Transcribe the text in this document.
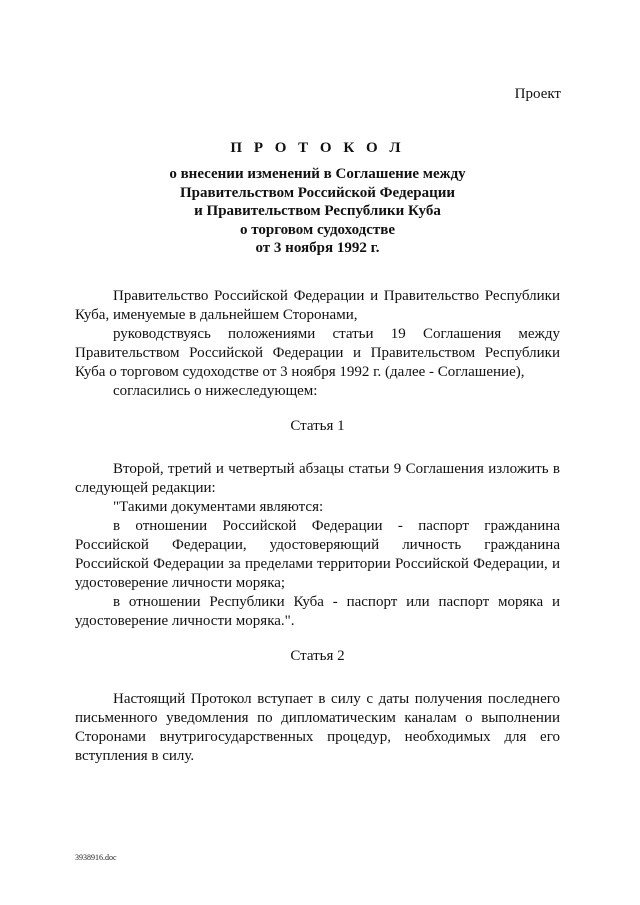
Проект

П Р О Т О К О Л

о внесении изменений в Соглашение между

Правительством Российской Федерации

и Правительством Республики Куба

о торговом судоходстве

от 3 ноября 1992 г.

Правительство Российской Федерации и Правительство Республики Куба, именуемые в дальнейшем Сторонами,

руководствуясь положениями статьи 19 Соглашения между Правительством Российской Федерации и Правительством Республики Куба о торговом судоходстве от 3 ноября 1992 г. (далее - Соглашение),

согласились о нижеследующем:

Статья 1

Второй, третий и четвертый абзацы статьи 9 Соглашения изложить в следующей редакции:

"Такими документами являются:

в отношении Российской Федерации - паспорт гражданина Российской Федерации, удостоверяющий личность гражданина Российской Федерации за пределами территории Российской Федерации, и удостоверение личности моряка;

в отношении Республики Куба - паспорт или паспорт моряка и удостоверение личности моряка.".

Статья 2

Настоящий Протокол вступает в силу с даты получения последнего письменного уведомления по дипломатическим каналам о выполнении Сторонами внутригосударственных процедур, необходимых для его вступления в силу.

3938916.doc
